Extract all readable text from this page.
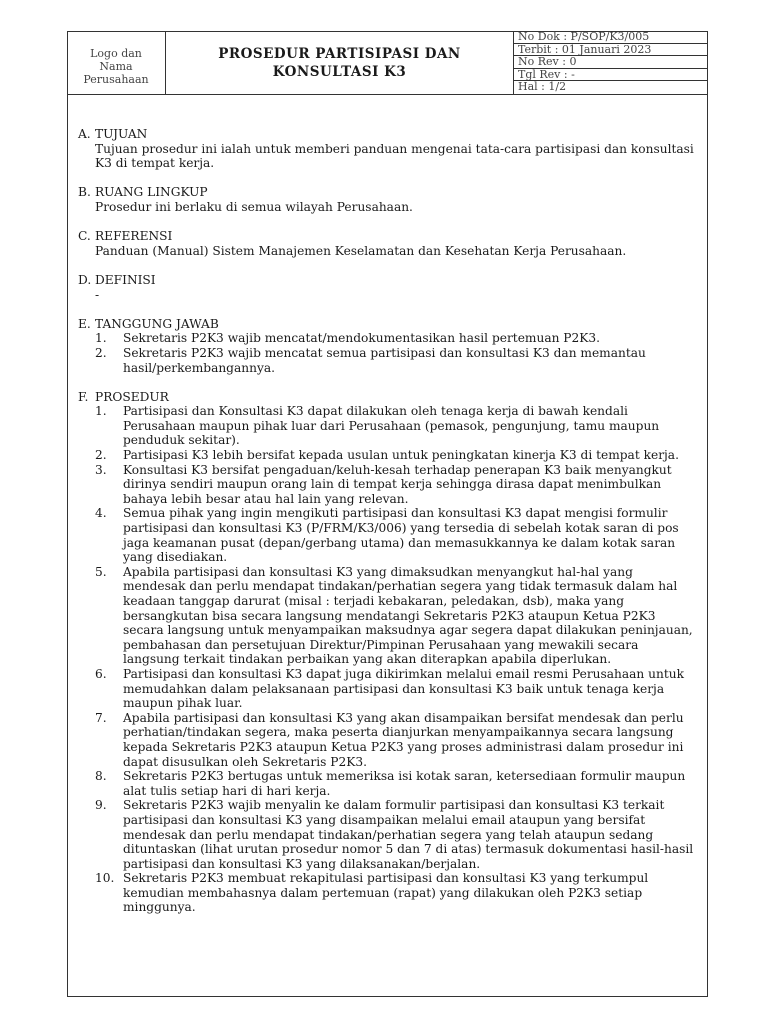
Logo dan
Nama
Perusahaan
PROSEDUR PARTISIPASI DAN
KONSULTASI K3
No Dok : P/SOP/K3/005
Terbit : 01 Januari 2023
No Rev : 0
Tgl Rev : -
Hal : 1/2
A. TUJUAN
Tujuan prosedur ini ialah untuk memberi panduan mengenai tata-cara partisipasi dan konsultasi K3 di tempat kerja.
B. RUANG LINGKUP
Prosedur ini berlaku di semua wilayah Perusahaan.
C. REFERENSI
Panduan (Manual) Sistem Manajemen Keselamatan dan Kesehatan Kerja Perusahaan.
D. DEFINISI
-
E. TANGGUNG JAWAB
1.	Sekretaris P2K3 wajib mencatat/mendokumentasikan hasil pertemuan P2K3.
2.	Sekretaris P2K3 wajib mencatat semua partisipasi dan konsultasi K3 dan memantau hasil/perkembangannya.
F. PROSEDUR
1.	Partisipasi dan Konsultasi K3 dapat dilakukan oleh tenaga kerja di bawah kendali Perusahaan maupun pihak luar dari Perusahaan (pemasok, pengunjung, tamu maupun penduduk sekitar).
2.	Partisipasi K3 lebih bersifat kepada usulan untuk peningkatan kinerja K3 di tempat kerja.
3.	Konsultasi K3 bersifat pengaduan/keluh-kesah terhadap penerapan K3 baik menyangkut dirinya sendiri maupun orang lain di tempat kerja sehingga dirasa dapat menimbulkan bahaya lebih besar atau hal lain yang relevan.
4.	Semua pihak yang ingin mengikuti partisipasi dan konsultasi K3 dapat mengisi formulir partisipasi dan konsultasi K3 (P/FRM/K3/006) yang tersedia di sebelah kotak saran di pos jaga keamanan pusat (depan/gerbang utama) dan memasukkannya ke dalam kotak saran yang disediakan.
5.	Apabila partisipasi dan konsultasi K3 yang dimaksudkan menyangkut hal-hal yang mendesak dan perlu mendapat tindakan/perhatian segera yang tidak termasuk dalam hal keadaan tanggap darurat (misal : terjadi kebakaran, peledakan, dsb), maka yang bersangkutan bisa secara langsung mendatangi Sekretaris P2K3 ataupun Ketua P2K3 secara langsung untuk menyampaikan maksudnya agar segera dapat dilakukan peninjauan, pembahasan dan persetujuan Direktur/Pimpinan Perusahaan yang mewakili secara langsung terkait tindakan perbaikan yang akan diterapkan apabila diperlukan.
6.	Partisipasi dan konsultasi K3 dapat juga dikirimkan melalui email resmi Perusahaan untuk memudahkan dalam pelaksanaan partisipasi dan konsultasi K3 baik untuk tenaga kerja maupun pihak luar.
7.	Apabila partisipasi dan konsultasi K3 yang akan disampaikan bersifat mendesak dan perlu perhatian/tindakan segera, maka peserta dianjurkan menyampaikannya secara langsung kepada Sekretaris P2K3 ataupun Ketua P2K3 yang proses administrasi dalam prosedur ini dapat disusulkan oleh Sekretaris P2K3.
8.	Sekretaris P2K3 bertugas untuk memeriksa isi kotak saran, ketersediaan formulir maupun alat tulis setiap hari di hari kerja.
9.	Sekretaris P2K3 wajib menyalin ke dalam formulir partisipasi dan konsultasi K3 terkait partisipasi dan konsultasi K3 yang disampaikan melalui email ataupun yang bersifat mendesak dan perlu mendapat tindakan/perhatian segera yang telah ataupun sedang dituntaskan (lihat urutan prosedur nomor 5 dan 7 di atas) termasuk dokumentasi hasil-hasil partisipasi dan konsultasi K3 yang dilaksanakan/berjalan.
10. Sekretaris P2K3 membuat rekapitulasi partisipasi dan konsultasi K3 yang terkumpul kemudian membahasnya dalam pertemuan (rapat) yang dilakukan oleh P2K3 setiap minggunya.
